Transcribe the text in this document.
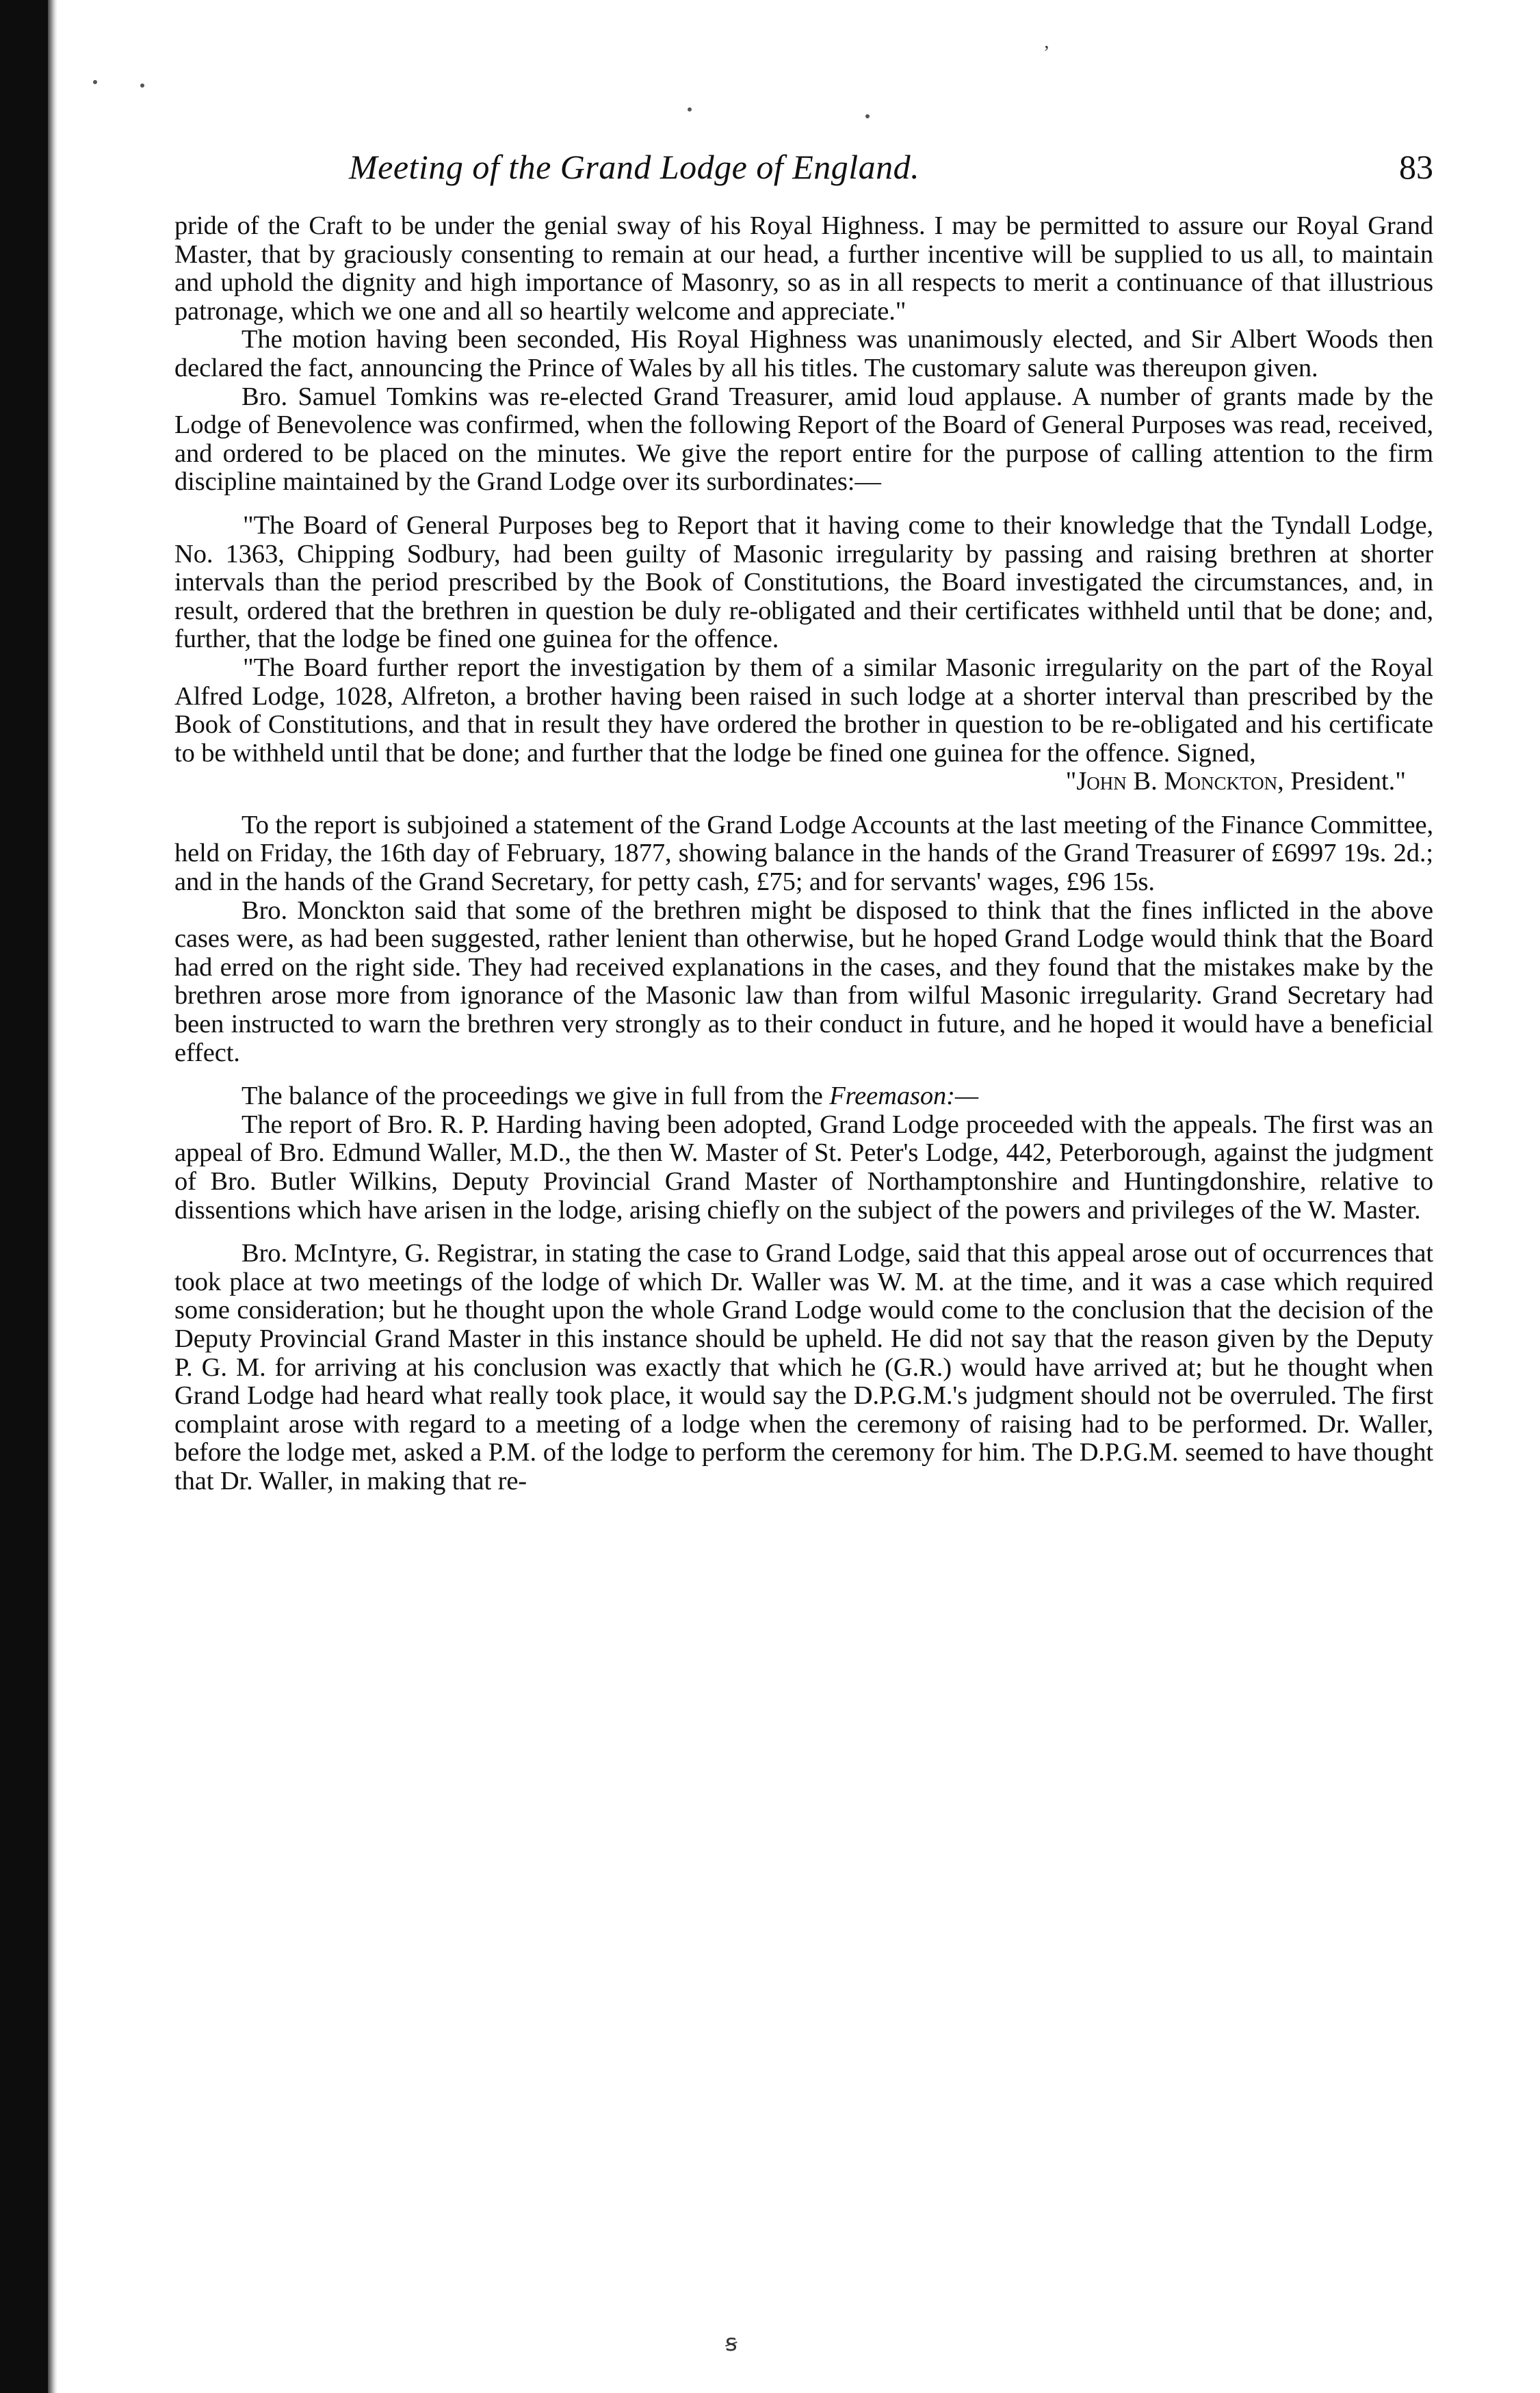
ʼ
Meeting of the Grand Lodge of England.	83

pride of the Craft to be under the genial sway of his Royal Highness. I may be permitted to assure our Royal Grand Master, that by graciously consenting to remain at our head, a further incentive will be supplied to us all, to maintain and uphold the dignity and high importance of Masonry, so as in all respects to merit a continuance of that illustrious patronage, which we one and all so heartily welcome and appreciate."

The motion having been seconded, His Royal Highness was unanimously elected, and Sir Albert Woods then declared the fact, announcing the Prince of Wales by all his titles. The customary salute was thereupon given.

Bro. Samuel Tomkins was re-elected Grand Treasurer, amid loud applause. A number of grants made by the Lodge of Benevolence was confirmed, when the following Report of the Board of General Purposes was read, received, and ordered to be placed on the minutes. We give the report entire for the purpose of calling attention to the firm discipline maintained by the Grand Lodge over its surbordinates:—

"The Board of General Purposes beg to Report that it having come to their knowledge that the Tyndall Lodge, No. 1363, Chipping Sodbury, had been guilty of Masonic irregularity by passing and raising brethren at shorter intervals than the period prescribed by the Book of Constitutions, the Board investigated the circumstances, and, in result, ordered that the brethren in question be duly re-obligated and their certificates withheld until that be done; and, further, that the lodge be fined one guinea for the offence.

"The Board further report the investigation by them of a similar Masonic irregularity on the part of the Royal Alfred Lodge, 1028, Alfreton, a brother having been raised in such lodge at a shorter interval than prescribed by the Book of Constitutions, and that in result they have ordered the brother in question to be re-obligated and his certificate to be withheld until that be done; and further that the lodge be fined one guinea for the offence. Signed,

"John B. Monckton, President."

To the report is subjoined a statement of the Grand Lodge Accounts at the last meeting of the Finance Committee, held on Friday, the 16th day of February, 1877, showing balance in the hands of the Grand Treasurer of £6997 19s. 2d.; and in the hands of the Grand Secretary, for petty cash, £75; and for servants' wages, £96 15s.

Bro. Monckton said that some of the brethren might be disposed to think that the fines inflicted in the above cases were, as had been suggested, rather lenient than otherwise, but he hoped Grand Lodge would think that the Board had erred on the right side. They had received explanations in the cases, and they found that the mistakes make by the brethren arose more from ignorance of the Masonic law than from wilful Masonic irregularity. Grand Secretary had been instructed to warn the brethren very strongly as to their conduct in future, and he hoped it would have a beneficial effect.

The balance of the proceedings we give in full from the Freemason:—

The report of Bro. R. P. Harding having been adopted, Grand Lodge proceeded with the appeals. The first was an appeal of Bro. Edmund Waller, M.D., the then W. Master of St. Peter's Lodge, 442, Peterborough, against the judgment of Bro. Butler Wilkins, Deputy Provincial Grand Master of Northamptonshire and Huntingdonshire, relative to dissentions which have arisen in the lodge, arising chiefly on the subject of the powers and privileges of the W. Master.

Bro. McIntyre, G. Registrar, in stating the case to Grand Lodge, said that this appeal arose out of occurrences that took place at two meetings of the lodge of which Dr. Waller was W. M. at the time, and it was a case which required some consideration; but he thought upon the whole Grand Lodge would come to the conclusion that the decision of the Deputy Provincial Grand Master in this instance should be upheld. He did not say that the reason given by the Deputy P. G. M. for arriving at his conclusion was exactly that which he (G.R.) would have arrived at; but he thought when Grand Lodge had heard what really took place, it would say the D.P.G.M.'s judgment should not be overruled. The first complaint arose with regard to a meeting of a lodge when the ceremony of raising had to be performed. Dr. Waller, before the lodge met, asked a P.M. of the lodge to perform the ceremony for him. The D.P.G.M. seemed to have thought that Dr. Waller, in making that re-

ꞩ
